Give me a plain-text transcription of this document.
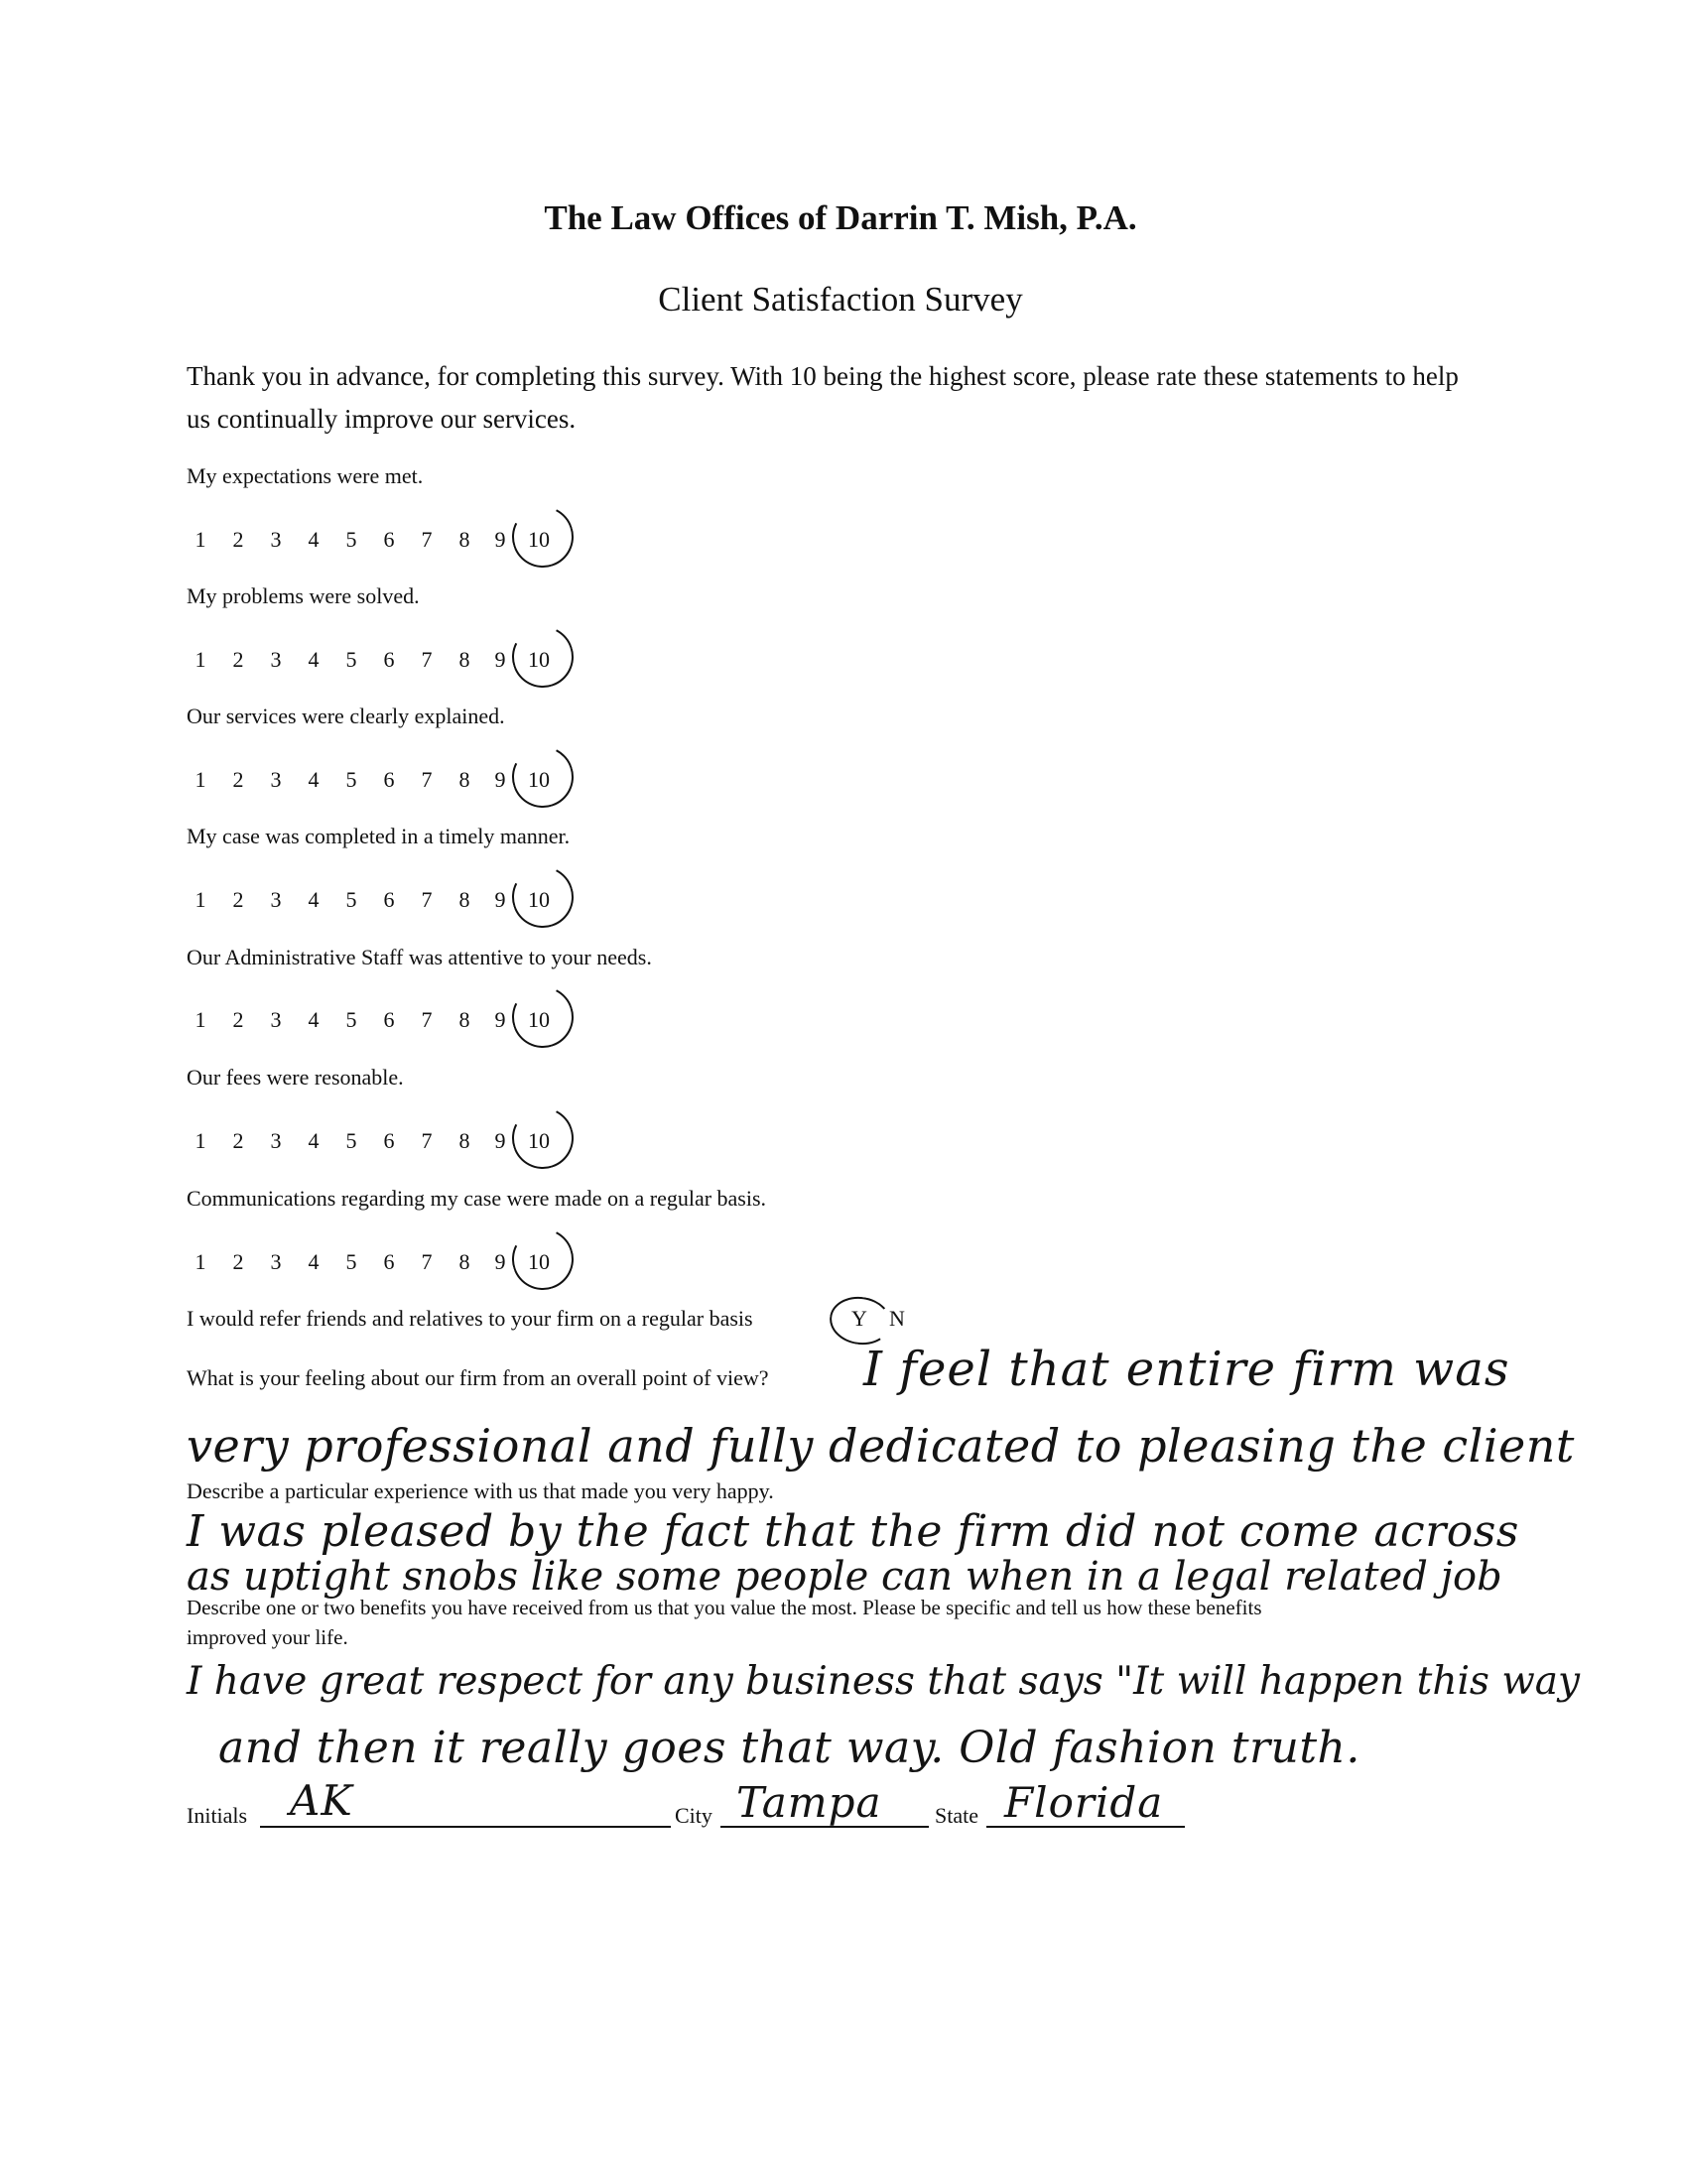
The Law Offices of Darrin T. Mish, P.A.
Client Satisfaction Survey
Thank you in advance, for completing this survey. With 10 being the highest score, please rate these statements to help us continually improve our services.
My expectations were met.
1 2 3 4 5 6 7 8 9 10
My problems were solved.
1 2 3 4 5 6 7 8 9 10
Our services were clearly explained.
1 2 3 4 5 6 7 8 9 10
My case was completed in a timely manner.
1 2 3 4 5 6 7 8 9 10
Our Administrative Staff was attentive to your needs.
1 2 3 4 5 6 7 8 9 10
Our fees were resonable.
1 2 3 4 5 6 7 8 9 10
Communications regarding my case were made on a regular basis.
1 2 3 4 5 6 7 8 9 10
I would refer friends and relatives to your firm on a regular basis	Y	N
What is your feeling about our firm from an overall point of view? I feel that entire firm was
very professional and fully dedicated to pleasing the client
Describe a particular experience with us that made you very happy.
I was pleased by the fact that the firm did not come across
as uptight snobs like some people can when in a legal related job
Describe one or two benefits you have received from us that you value the most. Please be specific and tell us how these benefits
improved your life.
I have great respect for any business that says "It will happen this way
and then it really goes that way. Old fashion truth.
Initials AK	City Tampa State Florida
